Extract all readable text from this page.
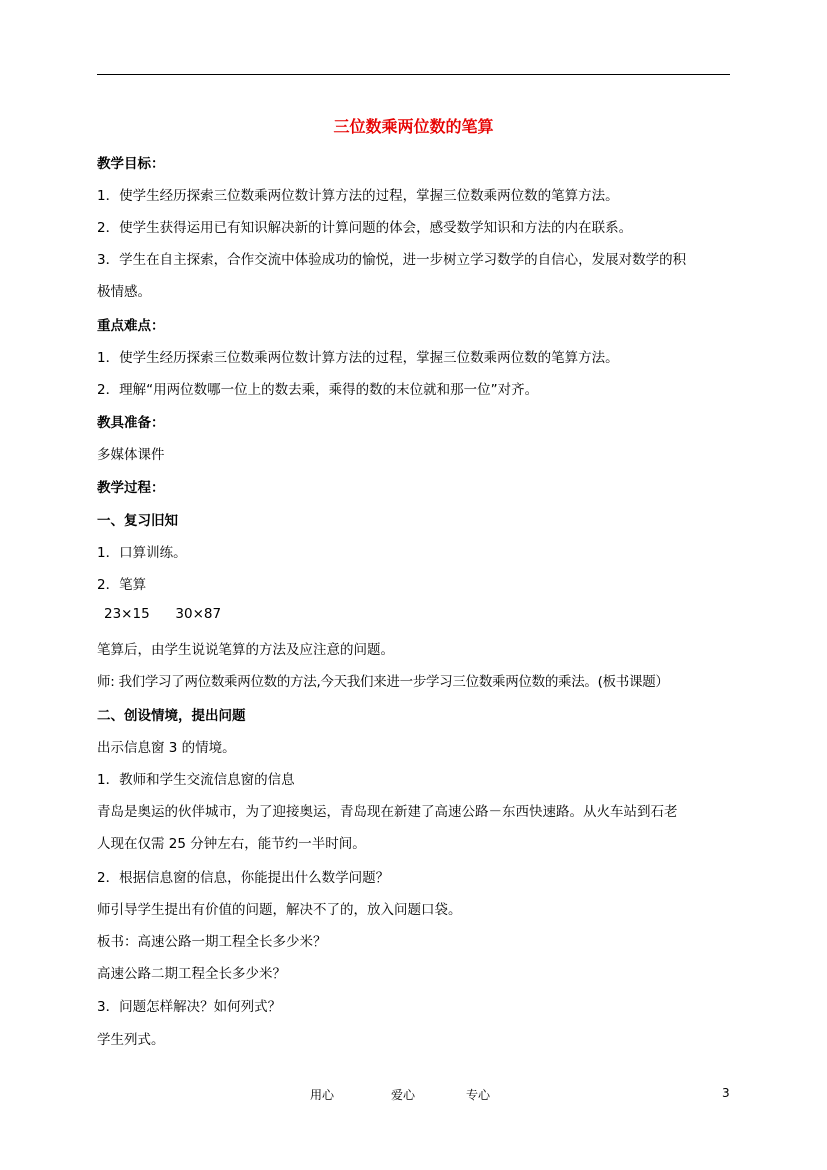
三位数乘两位数的笔算
教学目标：
1．使学生经历探索三位数乘两位数计算方法的过程，掌握三位数乘两位数的笔算方法。
2．使学生获得运用已有知识解决新的计算问题的体会，感受数学知识和方法的内在联系。
3．学生在自主探索，合作交流中体验成功的愉悦，进一步树立学习数学的自信心，发展对数学的积
极情感。
重点难点：
1．使学生经历探索三位数乘两位数计算方法的过程，掌握三位数乘两位数的笔算方法。
2．理解“用两位数哪一位上的数去乘，乘得的数的末位就和那一位”对齐。
教具准备：
多媒体课件
教学过程：
一、复习旧知
1．口算训练。
2．笔算
23×15      30×87
笔算后，由学生说说笔算的方法及应注意的问题。
师: 我们学习了两位数乘两位数的方法,今天我们来进一步学习三位数乘两位数的乘法。(板书课题）
二、创设情境，提出问题
出示信息窗 3 的情境。
1．教师和学生交流信息窗的信息
青岛是奥运的伙伴城市，为了迎接奥运，青岛现在新建了高速公路－东西快速路。从火车站到石老
人现在仅需 25 分钟左右，能节约一半时间。
2．根据信息窗的信息，你能提出什么数学问题？
师引导学生提出有价值的问题，解决不了的，放入问题口袋。
板书：高速公路一期工程全长多少米？
高速公路二期工程全长多少米？
3．问题怎样解决？如何列式？
学生列式。
用心	爱心	专心	3
